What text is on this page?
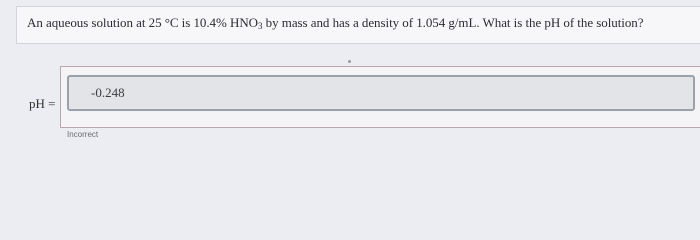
An aqueous solution at 25 °C is 10.4% $HNO_3$ by mass and has a density of 1.054 g/mL. What is the pH of the solution?
pH =
-0.248
Incorrect
